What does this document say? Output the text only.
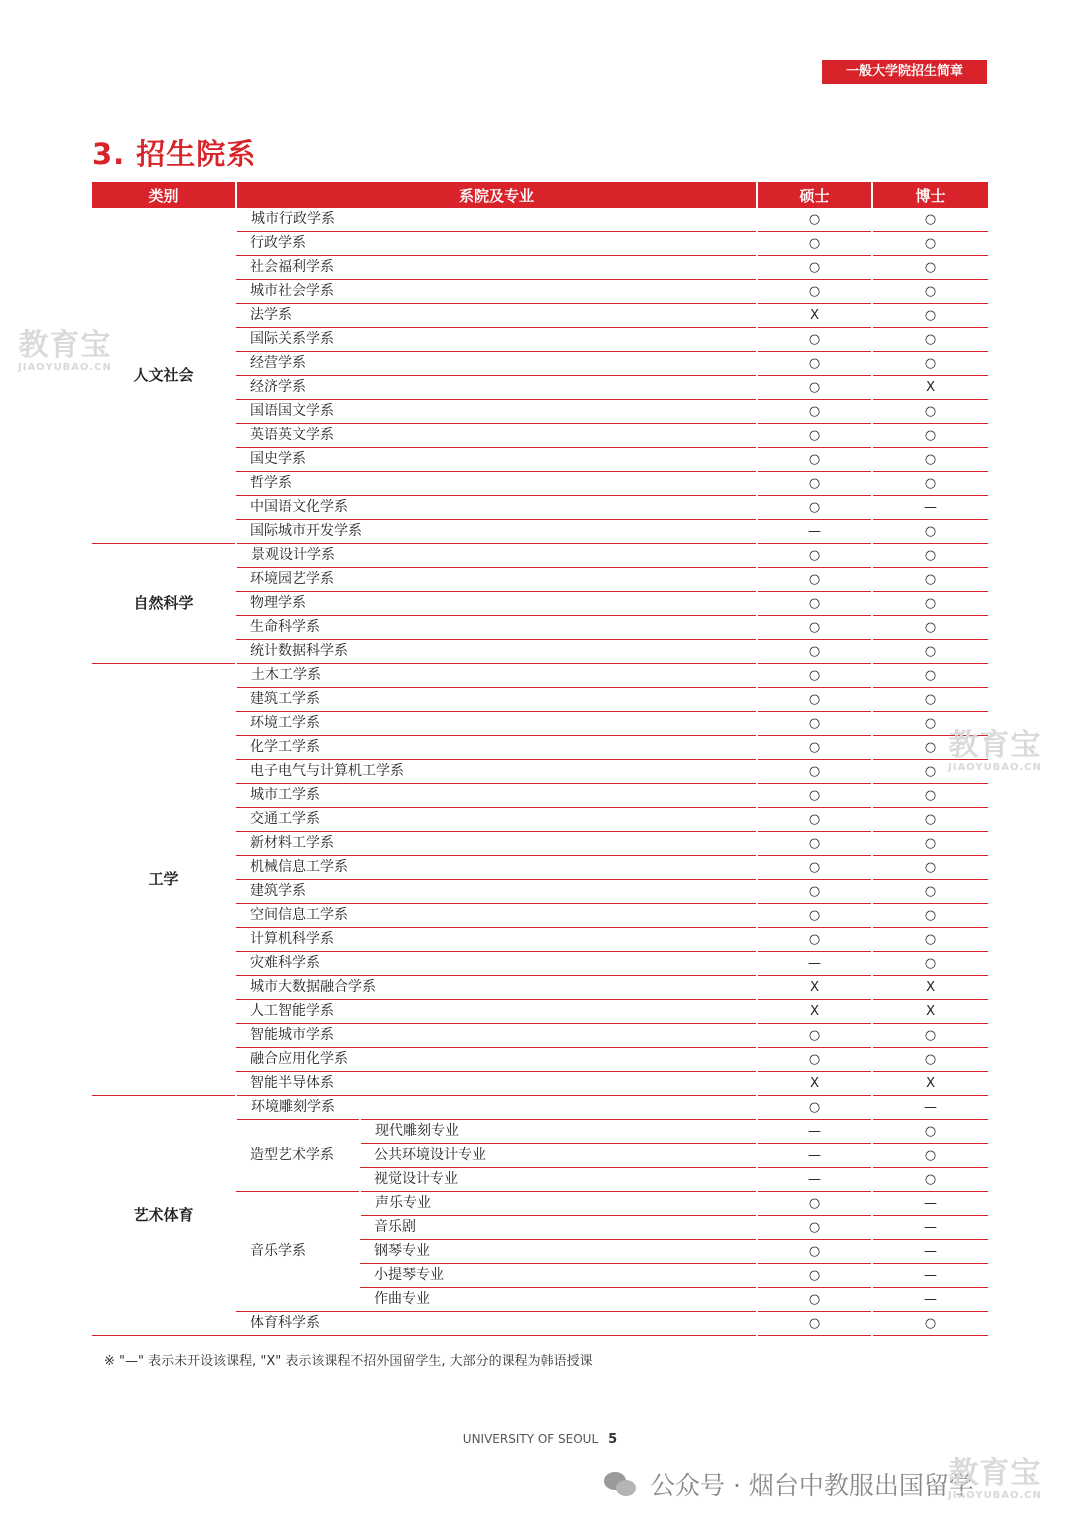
一般大学院招生简章
3. 招生院系
类别	系院及专业		硕士	博士
人文社会	城市行政学系		○	○
	行政学系		○	○
	社会福利学系		○	○
	城市社会学系		○	○
	法学系		X	○
	国际关系学系		○	○
	经营学系		○	○
	经济学系		○	X
	国语国文学系		○	○
	英语英文学系		○	○
	国史学系		○	○
	哲学系		○	○
	中国语文化学系		○	—
	国际城市开发学系		—	○
自然科学	景观设计学系		○	○
	环境园艺学系		○	○
	物理学系		○	○
	生命科学系		○	○
	统计数据科学系		○	○
工学	土木工学系		○	○
	建筑工学系		○	○
	环境工学系		○	○
	化学工学系		○	○
	电子电气与计算机工学系		○	○
	城市工学系		○	○
	交通工学系		○	○
	新材料工学系		○	○
	机械信息工学系		○	○
	建筑学系		○	○
	空间信息工学系		○	○
	计算机科学系		○	○
	灾难科学系		—	○
	城市大数据融合学系		X	X
	人工智能学系		X	X
	智能城市学系		○	○
	融合应用化学系		○	○
	智能半导体系		X	X
艺术体育	环境雕刻学系		○	—
	造型艺术学系	现代雕刻专业	—	○
		公共环境设计专业	—	○
		视觉设计专业	—	○
	音乐学系	声乐专业	○	—
		音乐剧	○	—
		钢琴专业	○	—
		小提琴专业	○	—
		作曲专业	○	—
	体育科学系		○	○
※ "—" 表示未开设该课程, "X" 表示该课程不招外国留学生, 大部分的课程为韩语授课
UNIVERSITY OF SEOUL 5
公众号 · 烟台中教服出国留学
教育宝
JIAOYUBAO.CN
教育宝
JIAOYUBAO.CN
教育宝
JIAOYUBAO.CN
